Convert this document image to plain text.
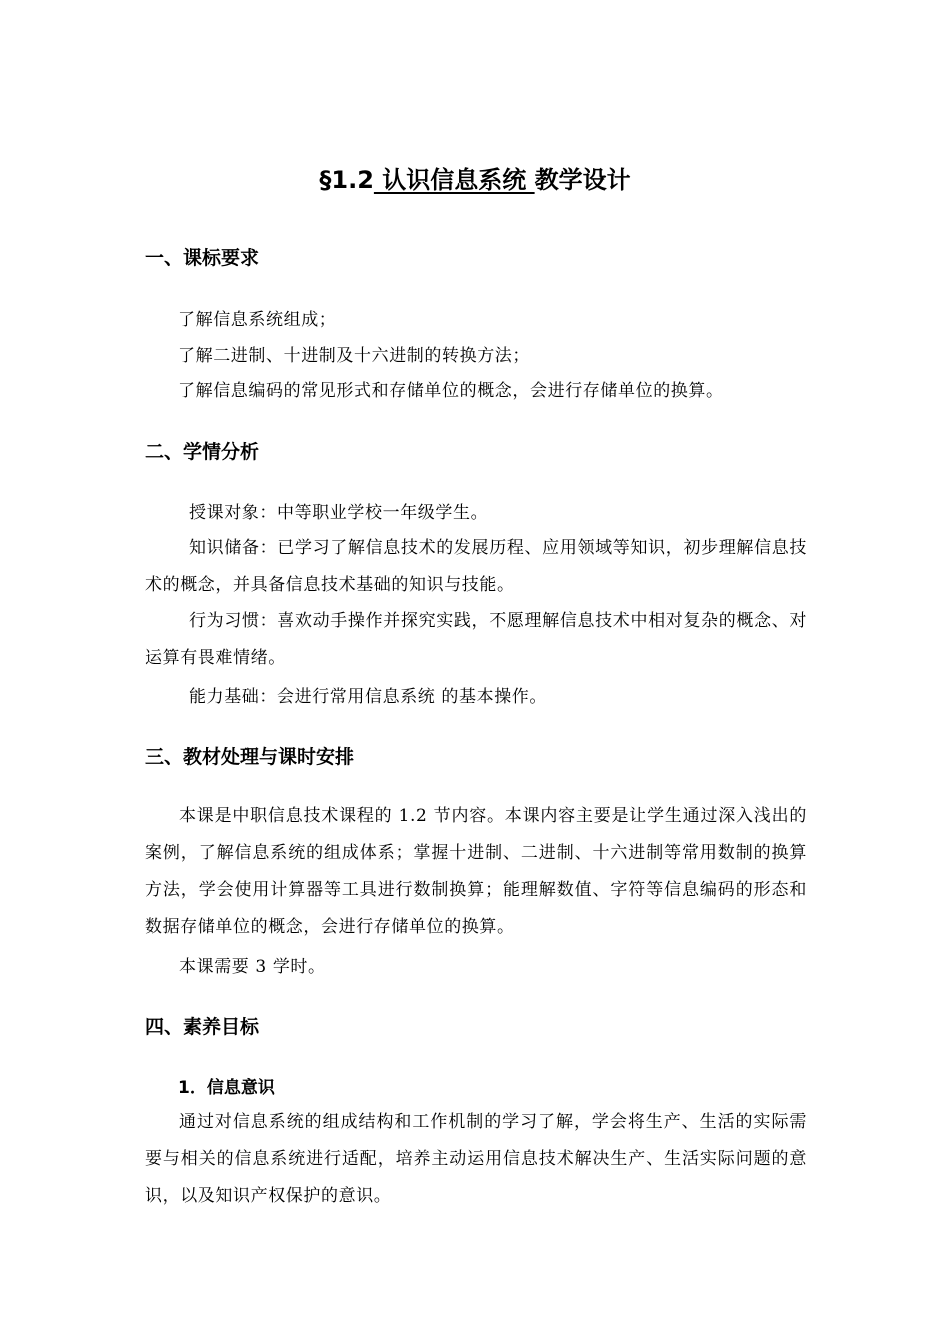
§1.2 认识信息系统 教学设计
一、课标要求
了解信息系统组成；
了解二进制、十进制及十六进制的转换方法；
了解信息编码的常见形式和存储单位的概念，会进行存储单位的换算。
二、学情分析
授课对象：中等职业学校一年级学生。
知识储备：已学习了解信息技术的发展历程、应用领域等知识，初步理解信息技术的概念，并具备信息技术基础的知识与技能。
行为习惯：喜欢动手操作并探究实践，不愿理解信息技术中相对复杂的概念、对运算有畏难情绪。
能力基础：会进行常用信息系统 的基本操作。
三、教材处理与课时安排
本课是中职信息技术课程的 1.2 节内容。本课内容主要是让学生通过深入浅出的案例，了解信息系统的组成体系；掌握十进制、二进制、十六进制等常用数制的换算方法，学会使用计算器等工具进行数制换算；能理解数值、字符等信息编码的形态和数据存储单位的概念，会进行存储单位的换算。
本课需要 3 学时。
四、素养目标
1．信息意识
通过对信息系统的组成结构和工作机制的学习了解，学会将生产、生活的实际需要与相关的信息系统进行适配，培养主动运用信息技术解决生产、生活实际问题的意识，以及知识产权保护的意识。
